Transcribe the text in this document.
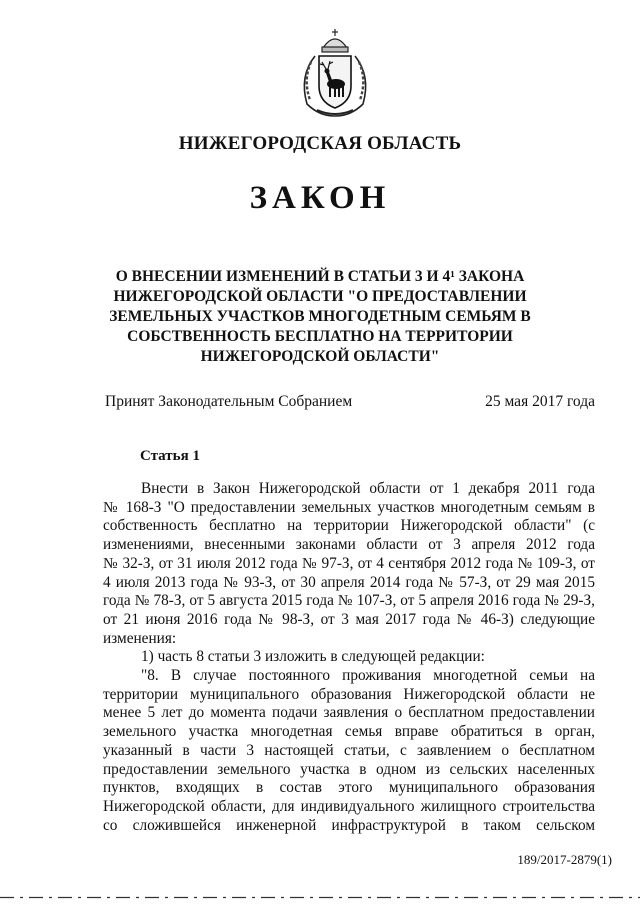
НИЖЕГОРОДСКАЯ ОБЛАСТЬ
ЗАКОН
О ВНЕСЕНИИ ИЗМЕНЕНИЙ В СТАТЬИ 3 И 4¹ ЗАКОНА
НИЖЕГОРОДСКОЙ ОБЛАСТИ "О ПРЕДОСТАВЛЕНИИ
ЗЕМЕЛЬНЫХ УЧАСТКОВ МНОГОДЕТНЫМ СЕМЬЯМ В
СОБСТВЕННОСТЬ БЕСПЛАТНО НА ТЕРРИТОРИИ
НИЖЕГОРОДСКОЙ ОБЛАСТИ"
Принят Законодательным Собранием	25 мая 2017 года
Статья 1
Внести в Закон Нижегородской области от 1 декабря 2011 года
№ 168-З "О предоставлении земельных участков многодетным семьям в
собственность бесплатно на территории Нижегородской области" (с
изменениями, внесенными законами области от 3 апреля 2012 года
№ 32-З, от 31 июля 2012 года № 97-З, от 4 сентября 2012 года № 109-З, от
4 июля 2013 года № 93-З, от 30 апреля 2014 года № 57-З, от 29 мая 2015
года № 78-З, от 5 августа 2015 года № 107-З, от 5 апреля 2016 года № 29-З,
от 21 июня 2016 года № 98-З, от 3 мая 2017 года № 46-З) следующие
изменения:
1) часть 8 статьи 3 изложить в следующей редакции:
"8. В случае постоянного проживания многодетной семьи на
территории муниципального образования Нижегородской области не
менее 5 лет до момента подачи заявления о бесплатном предоставлении
земельного участка многодетная семья вправе обратиться в орган,
указанный в части 3 настоящей статьи, с заявлением о бесплатном
предоставлении земельного участка в одном из сельских населенных
пунктов, входящих в состав этого муниципального образования
Нижегородской области, для индивидуального жилищного строительства
со сложившейся инженерной инфраструктурой в таком сельском
189/2017-2879(1)
